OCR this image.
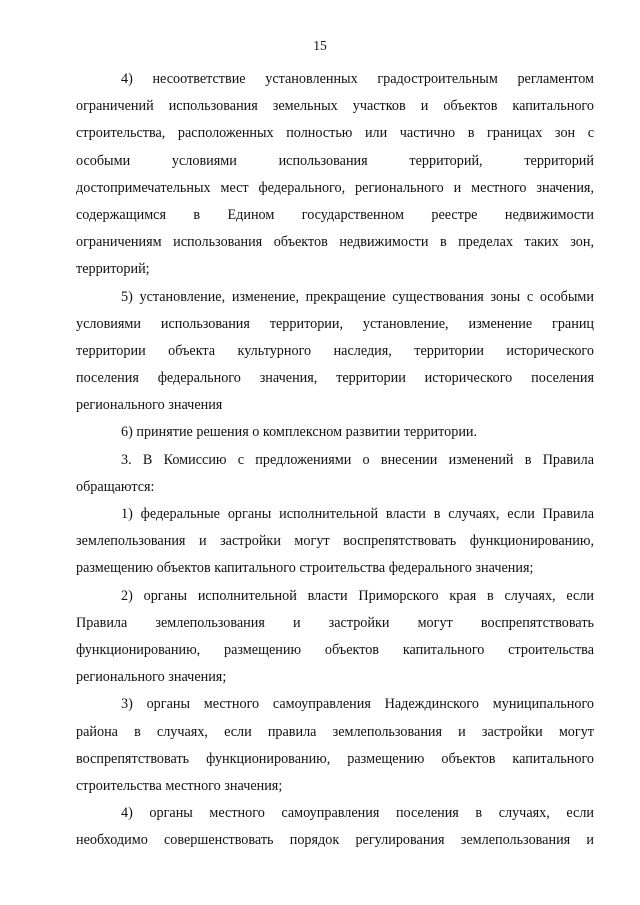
15
4) несоответствие установленных градостроительным регламентом
ограничений использования земельных участков и объектов капитального
строительства, расположенных полностью или частично в границах зон с
особыми условиями использования территорий, территорий
достопримечательных мест федерального, регионального и местного значения,
содержащимся в Едином государственном реестре недвижимости
ограничениям использования объектов недвижимости в пределах таких зон,
территорий;
5) установление, изменение, прекращение существования зоны с особыми
условиями использования территории, установление, изменение границ
территории объекта культурного наследия, территории исторического
поселения федерального значения, территории исторического поселения
регионального значения
6) принятие решения о комплексном развитии территории.
3. В Комиссию с предложениями о внесении изменений в Правила
обращаются:
1) федеральные органы исполнительной власти в случаях, если Правила
землепользования и застройки могут воспрепятствовать функционированию,
размещению объектов капитального строительства федерального значения;
2) органы исполнительной власти Приморского края в случаях, если
Правила землепользования и застройки могут воспрепятствовать
функционированию, размещению объектов капитального строительства
регионального значения;
3) органы местного самоуправления Надеждинского муниципального
района в случаях, если правила землепользования и застройки могут
воспрепятствовать функционированию, размещению объектов капитального
строительства местного значения;
4) органы местного самоуправления поселения в случаях, если
необходимо совершенствовать порядок регулирования землепользования и
